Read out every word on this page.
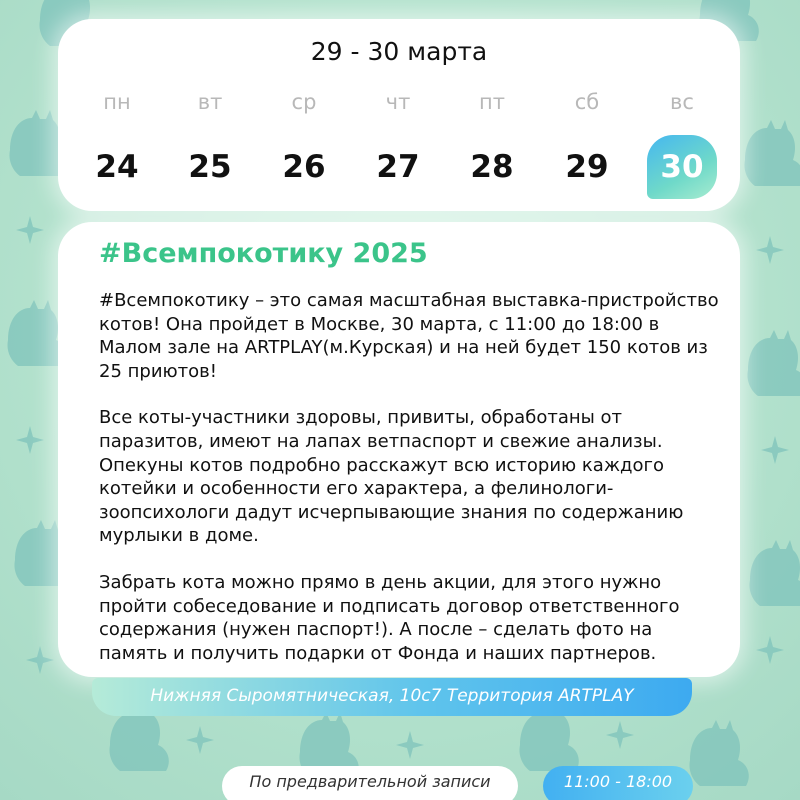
29 - 30 марта
пн
24
вт
25
ср
26
чт
27
пт
28
сб
29
вс
30
#Всемпокотику 2025

#Всемпокотику – это самая масштабная выставка-пристройство котов! Она пройдет в Москве, 30 марта, с 11:00 до 18:00 в Малом зале на ARTPLAY(м.Курская) и на ней будет 150 котов из 25 приютов!

Все коты-участники здоровы, привиты, обработаны от паразитов, имеют на лапах ветпаспорт и свежие анализы. Опекуны котов подробно расскажут всю историю каждого котейки и особенности его характера, а фелинологи-зоопсихологи дадут исчерпывающие знания по содержанию мурлыки в доме.

Забрать кота можно прямо в день акции, для этого нужно пройти собеседование и подписать договор ответственного содержания (нужен паспорт!). А после – сделать фото на память и получить подарки от Фонда и наших партнеров.

Нижняя Сыромятническая, 10с7 Территория ARTPLAY
По предварительной записи	11:00 - 18:00
